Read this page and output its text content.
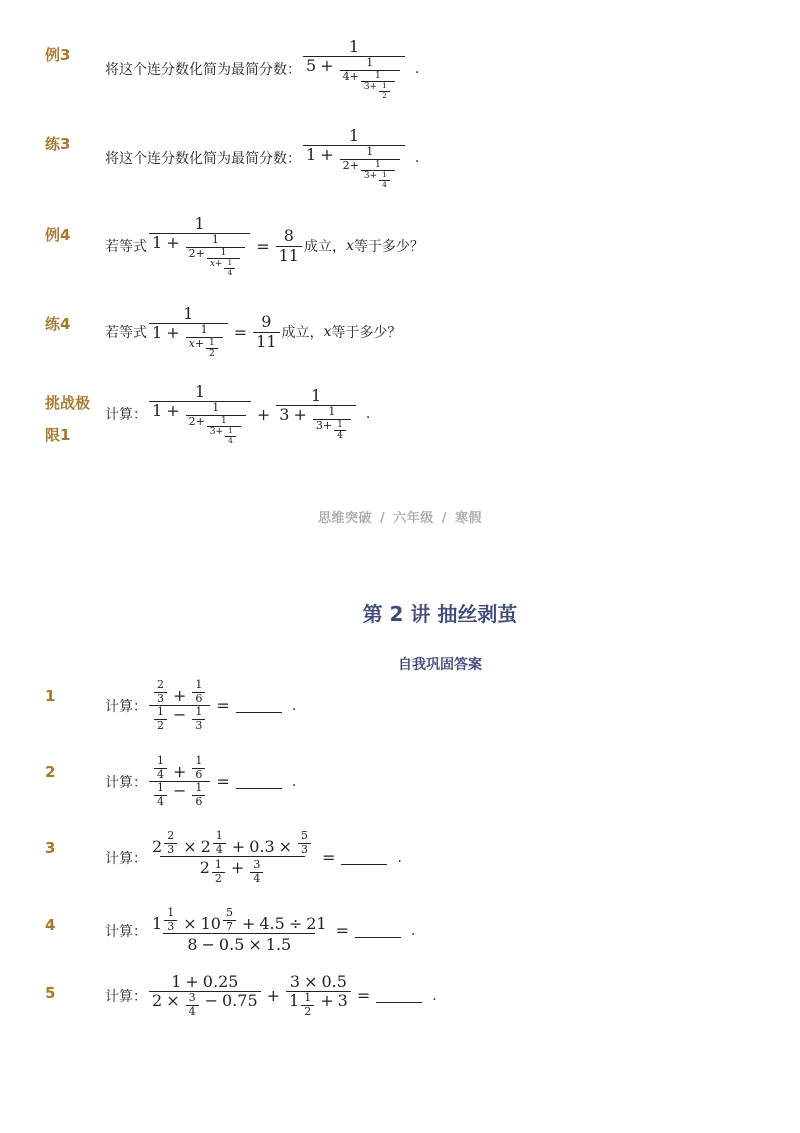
例3
将这个连分数化简为最简分数： $\frac{1}{5 + \frac{1}{4+ \frac{1}{3+ \frac{1}{2}}}}$ .
练3
将这个连分数化简为最简分数： $\frac{1}{1 + \frac{1}{2+ \frac{1}{3+ \frac{1}{4}}}}$ .
例4
若等式 $\frac{1}{1 + \frac{1}{2+ \frac{1}{x + \frac{1}{4}}}} = \frac{8}{11}$ 成立， x 等于多少？
练4
若等式 $\frac{1}{1 + \frac{1}{x + \frac{1}{2}}} = \frac{9}{11}$ 成立， x 等于多少？
挑战极
限1
计算： $\frac{1}{1 + \frac{1}{2+ \frac{1}{3+ \frac{1}{4}}}} + \frac{1}{3 + \frac{1}{3+ \frac{1}{4}}}$ .
思维突破 / 六年级 / 寒假
第 2 讲 抽丝剥茧
自我巩固答案
1
计算： $\frac{\frac{2}{3} + \frac{1}{6}}{\frac{1}{2} - \frac{1}{3}}$ =	.
2
计算： $\frac{\frac{1}{4} + \frac{1}{6}}{\frac{1}{4} - \frac{1}{6}}$ =	.
3
计算： $\frac{2 \frac{2}{3} \times 2 \frac{1}{4} + 0.3 \times \frac{5}{3}}{2 \frac{1}{2} + \frac{3}{4}}$ =	.
4	计算： $\frac{1 \frac{1}{3} \times 10 \frac{5}{7} + 4.5 \div 21}{8 - 0.5 \times 1.5}$ =	.
5	计算： $\frac{1 + 0.25}{2 \times \frac{3}{4} - 0.75} + \frac{3 \times 0.5}{1 \frac{1}{2} + 3}$ =	.
